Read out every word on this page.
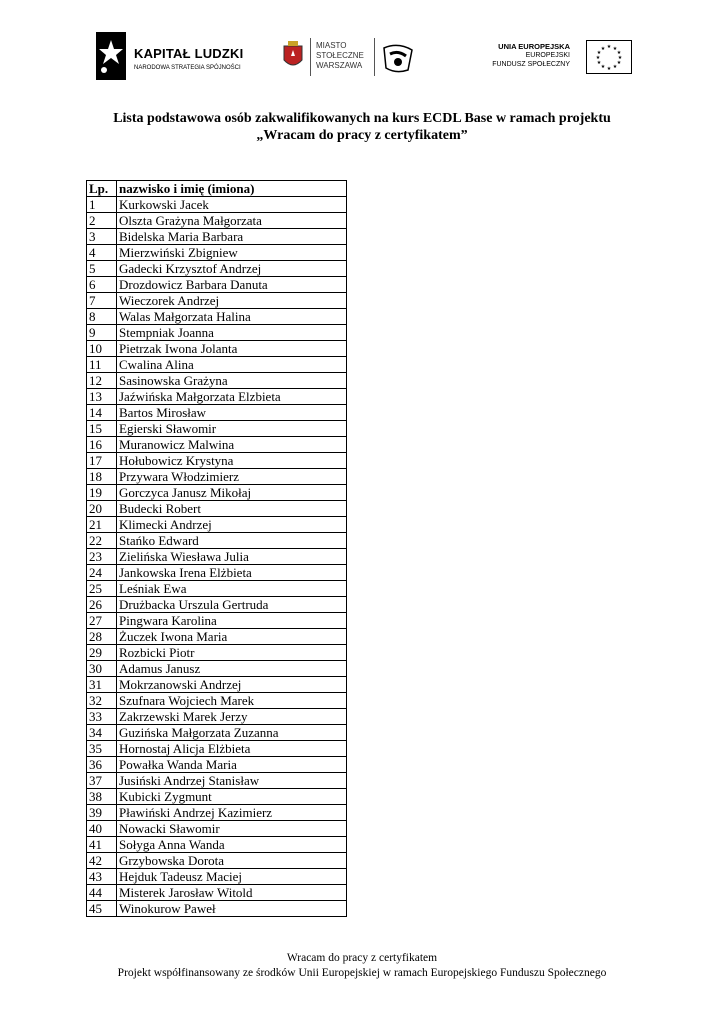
KAPITAŁ LUDZKI
NARODOWA STRATEGIA SPÓJNOŚCI
MIASTO
STOŁECZNE
WARSZAWA
UNIA EUROPEJSKA
EUROPEJSKI
FUNDUSZ SPOŁECZNY
★ ★
★
★
★
★
★
★
★
★
★
★
Lista podstawowa osób zakwalifikowanych na kurs ECDL Base w ramach projektu
„Wracam do pracy z certyfikatem”
Lp.	nazwisko i imię (imiona)
1	Kurkowski Jacek
2	Olszta Grażyna Małgorzata
3	Bidelska Maria Barbara
4	Mierzwiński Zbigniew
5	Gadecki Krzysztof Andrzej
6	Drozdowicz Barbara Danuta
7	Wieczorek Andrzej
8	Walas Małgorzata Halina
9	Stempniak Joanna
10	Pietrzak Iwona Jolanta
11	Cwalina Alina
12	Sasinowska Grażyna
13	Jaźwińska Małgorzata Elzbieta
14	Bartos Mirosław
15	Egierski Sławomir
16	Muranowicz Malwina
17	Hołubowicz Krystyna
18	Przywara Włodzimierz
19	Gorczyca Janusz Mikołaj
20	Budecki Robert
21	Klimecki Andrzej
22	Stańko Edward
23	Zielińska Wiesława Julia
24	Jankowska Irena Elżbieta
25	Leśniak Ewa
26	Drużbacka Urszula Gertruda
27	Pingwara Karolina
28	Żuczek Iwona Maria
29	Rozbicki Piotr
30	Adamus Janusz
31	Mokrzanowski Andrzej
32	Szufnara Wojciech Marek
33	Zakrzewski Marek Jerzy
34	Guzińska Małgorzata Zuzanna
35	Hornostaj Alicja Elżbieta
36	Powałka Wanda Maria
37	Jusiński Andrzej Stanisław
38	Kubicki Zygmunt
39	Pławiński Andrzej Kazimierz
40	Nowacki Sławomir
41	Sołyga Anna Wanda
42	Grzybowska Dorota
43	Hejduk Tadeusz Maciej
44	Misterek Jarosław Witold
45	Winokurow Paweł
Wracam do pracy z certyfikatem
Projekt współfinansowany ze środków Unii Europejskiej w ramach Europejskiego Funduszu Społecznego
